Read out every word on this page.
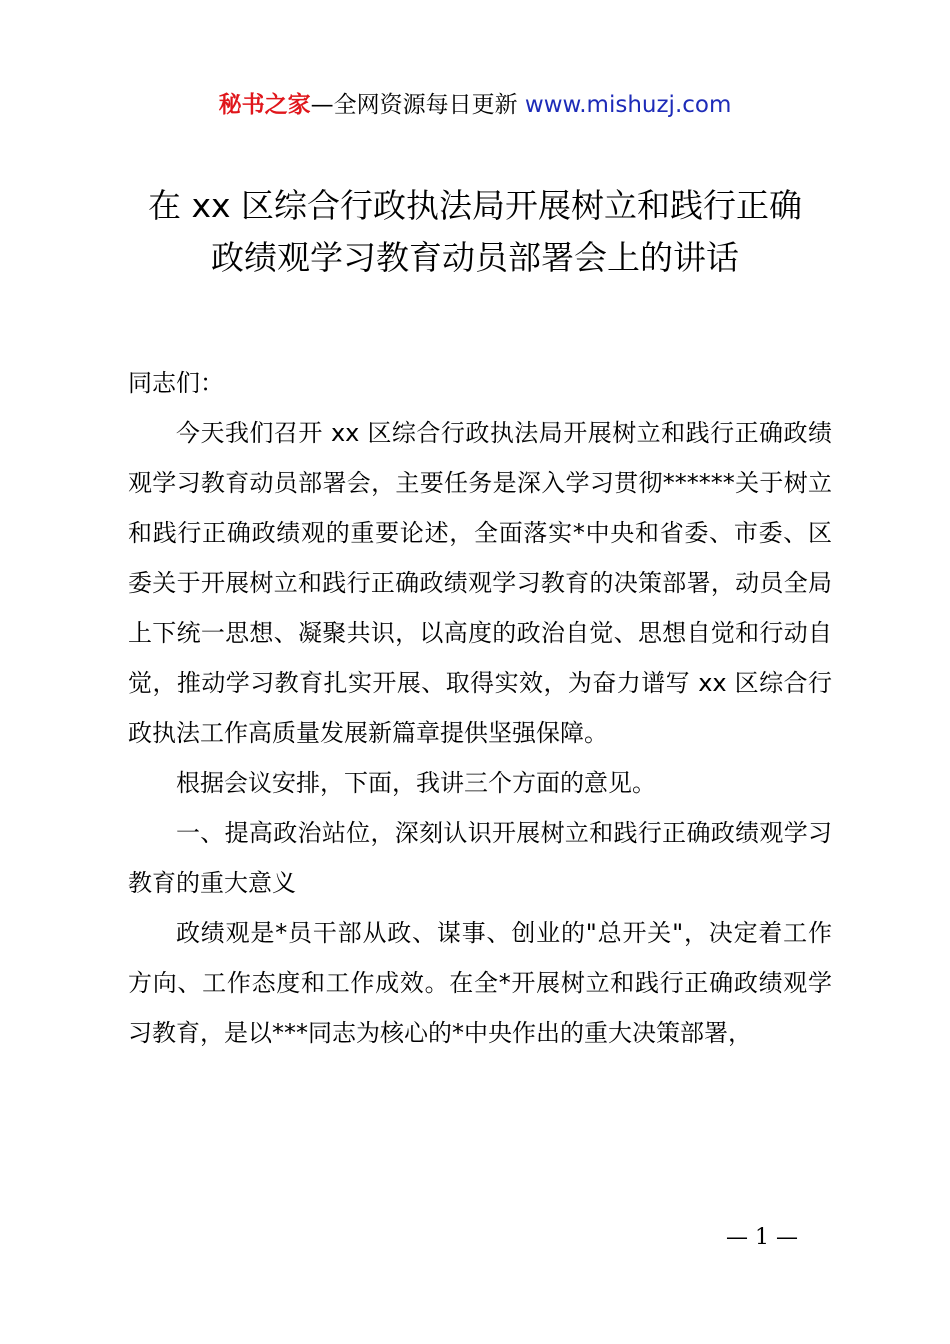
秘书之家—全网资源每日更新 www.mishuzj.com
在 xx 区综合行政执法局开展树立和践行正确
政绩观学习教育动员部署会上的讲话

同志们：

今天我们召开 xx 区综合行政执法局开展树立和践行正确政绩观学习教育动员部署会，主要任务是深入学习贯彻******关于树立和践行正确政绩观的重要论述，全面落实*中央和省委、市委、区委关于开展树立和践行正确政绩观学习教育的决策部署，动员全局上下统一思想、凝聚共识，以高度的政治自觉、思想自觉和行动自觉，推动学习教育扎实开展、取得实效，为奋力谱写 xx 区综合行政执法工作高质量发展新篇章提供坚强保障。

根据会议安排，下面，我讲三个方面的意见。

一、提高政治站位，深刻认识开展树立和践行正确政绩观学习教育的重大意义

政绩观是*员干部从政、谋事、创业的"总开关"，决定着工作方向、工作态度和工作成效。在全*开展树立和践行正确政绩观学习教育，是以***同志为核心的*中央作出的重大决策部署，

— 1 —
